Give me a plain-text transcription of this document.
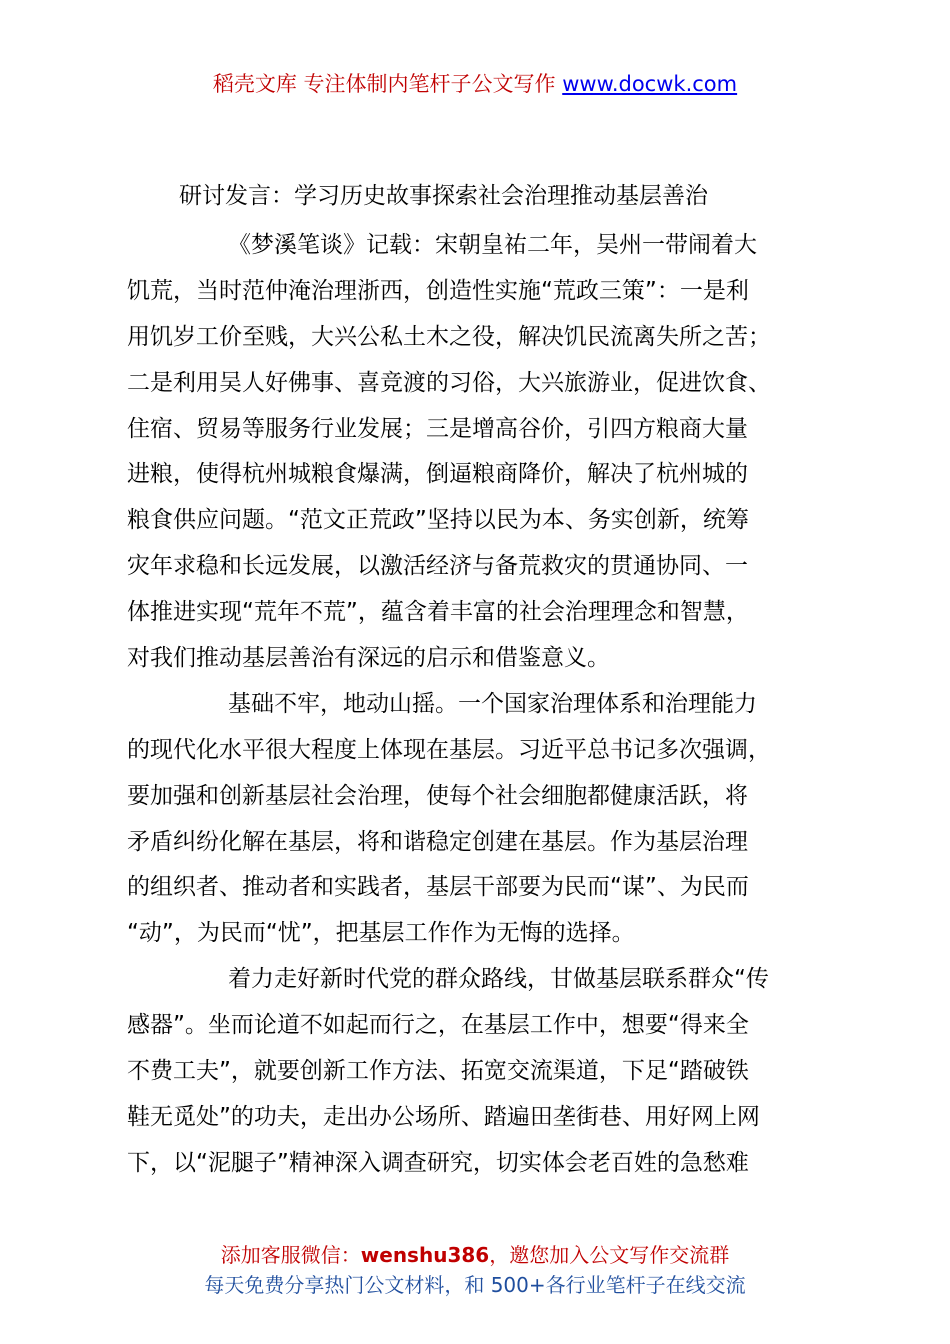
稻壳文库 专注体制内笔杆子公文写作 www.docwk.com
研讨发言：学习历史故事探索社会治理推动基层善治
《梦溪笔谈》记载：宋朝皇祐二年，吴州一带闹着大
饥荒，当时范仲淹治理浙西，创造性实施“荒政三策”：一是利
用饥岁工价至贱，大兴公私土木之役，解决饥民流离失所之苦；
二是利用吴人好佛事、喜竞渡的习俗，大兴旅游业，促进饮食、
住宿、贸易等服务行业发展；三是增高谷价，引四方粮商大量
进粮，使得杭州城粮食爆满，倒逼粮商降价，解决了杭州城的
粮食供应问题。“范文正荒政”坚持以民为本、务实创新，统筹
灾年求稳和长远发展，以激活经济与备荒救灾的贯通协同、一
体推进实现“荒年不荒”，蕴含着丰富的社会治理理念和智慧，
对我们推动基层善治有深远的启示和借鉴意义。
基础不牢，地动山摇。一个国家治理体系和治理能力
的现代化水平很大程度上体现在基层。习近平总书记多次强调，
要加强和创新基层社会治理，使每个社会细胞都健康活跃，将
矛盾纠纷化解在基层，将和谐稳定创建在基层。作为基层治理
的组织者、推动者和实践者，基层干部要为民而“谋”、为民而
“动”，为民而“忧”，把基层工作作为无悔的选择。
着力走好新时代党的群众路线，甘做基层联系群众“传
感器”。坐而论道不如起而行之，在基层工作中，想要“得来全
不费工夫”，就要创新工作方法、拓宽交流渠道，下足“踏破铁
鞋无觅处”的功夫，走出办公场所、踏遍田垄街巷、用好网上网
下，以“泥腿子”精神深入调查研究，切实体会老百姓的急愁难
添加客服微信：wenshu386，邀您加入公文写作交流群
每天免费分享热门公文材料，和 500+各行业笔杆子在线交流
